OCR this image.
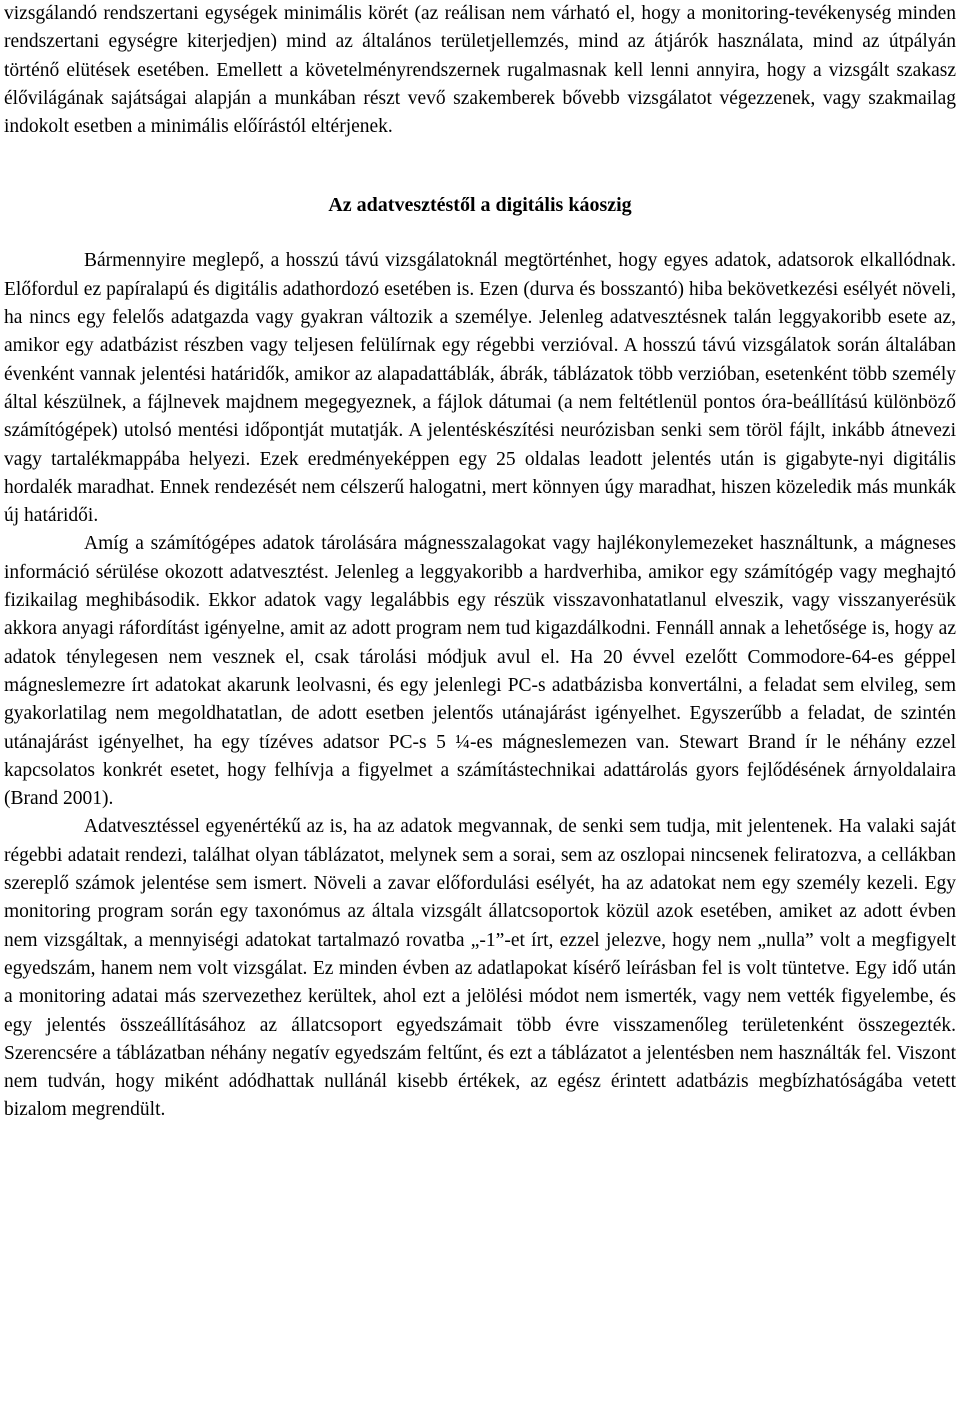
vizsgálandó rendszertani egységek minimális körét (az reálisan nem várható el, hogy a monitoring-tevékenység minden rendszertani egységre kiterjedjen) mind az általános területjellemzés, mind az átjárók használata, mind az útpályán történő elütések esetében. Emellett a követelményrendszernek rugalmasnak kell lenni annyira, hogy a vizsgált szakasz élővilágának sajátságai alapján a munkában részt vevő szakemberek bővebb vizsgálatot végezzenek, vagy szakmailag indokolt esetben a minimális előírástól eltérjenek.

Az adatvesztéstől a digitális káoszig

Bármennyire meglepő, a hosszú távú vizsgálatoknál megtörténhet, hogy egyes adatok, adatsorok elkallódnak. Előfordul ez papíralapú és digitális adathordozó esetében is. Ezen (durva és bosszantó) hiba bekövetkezési esélyét növeli, ha nincs egy felelős adatgazda vagy gyakran változik a személye. Jelenleg adatvesztésnek talán leggyakoribb esete az, amikor egy adatbázist részben vagy teljesen felülírnak egy régebbi verzióval. A hosszú távú vizsgálatok során általában évenként vannak jelentési határidők, amikor az alapadattáblák, ábrák, táblázatok több verzióban, esetenként több személy által készülnek, a fájlnevek majdnem megegyeznek, a fájlok dátumai (a nem feltétlenül pontos óra-beállítású különböző számítógépek) utolsó mentési időpontját mutatják. A jelentéskészítési neurózisban senki sem töröl fájlt, inkább átnevezi vagy tartalékmappába helyezi. Ezek eredményeképpen egy 25 oldalas leadott jelentés után is gigabyte-nyi digitális hordalék maradhat. Ennek rendezését nem célszerű halogatni, mert könnyen úgy maradhat, hiszen közeledik más munkák új határidői.

Amíg a számítógépes adatok tárolására mágnesszalagokat vagy hajlékonylemezeket használtunk, a mágneses információ sérülése okozott adatvesztést. Jelenleg a leggyakoribb a hardverhiba, amikor egy számítógép vagy meghajtó fizikailag meghibásodik. Ekkor adatok vagy legalábbis egy részük visszavonhatatlanul elveszik, vagy visszanyerésük akkora anyagi ráfordítást igényelne, amit az adott program nem tud kigazdálkodni. Fennáll annak a lehetősége is, hogy az adatok ténylegesen nem vesznek el, csak tárolási módjuk avul el. Ha 20 évvel ezelőtt Commodore-64-es géppel mágneslemezre írt adatokat akarunk leolvasni, és egy jelenlegi PC-s adatbázisba konvertálni, a feladat sem elvileg, sem gyakorlatilag nem megoldhatatlan, de adott esetben jelentős utánajárást igényelhet. Egyszerűbb a feladat, de szintén utánajárást igényelhet, ha egy tízéves adatsor PC-s 5 ¼-es mágneslemezen van. Stewart Brand ír le néhány ezzel kapcsolatos konkrét esetet, hogy felhívja a figyelmet a számítástechnikai adattárolás gyors fejlődésének árnyoldalaira (Brand 2001).

Adatvesztéssel egyenértékű az is, ha az adatok megvannak, de senki sem tudja, mit jelentenek. Ha valaki saját régebbi adatait rendezi, találhat olyan táblázatot, melynek sem a sorai, sem az oszlopai nincsenek feliratozva, a cellákban szereplő számok jelentése sem ismert. Növeli a zavar előfordulási esélyét, ha az adatokat nem egy személy kezeli. Egy monitoring program során egy taxonómus az általa vizsgált állatcsoportok közül azok esetében, amiket az adott évben nem vizsgáltak, a mennyiségi adatokat tartalmazó rovatba „-1”-et írt, ezzel jelezve, hogy nem „nulla” volt a megfigyelt egyedszám, hanem nem volt vizsgálat. Ez minden évben az adatlapokat kísérő leírásban fel is volt tüntetve. Egy idő után a monitoring adatai más szervezethez kerültek, ahol ezt a jelölési módot nem ismerték, vagy nem vették figyelembe, és egy jelentés összeállításához az állatcsoport egyedszámait több évre visszamenőleg területenként összegezték. Szerencsére a táblázatban néhány negatív egyedszám feltűnt, és ezt a táblázatot a jelentésben nem használták fel. Viszont nem tudván, hogy miként adódhattak nullánál kisebb értékek, az egész érintett adatbázis megbízhatóságába vetett bizalom megrendült.
